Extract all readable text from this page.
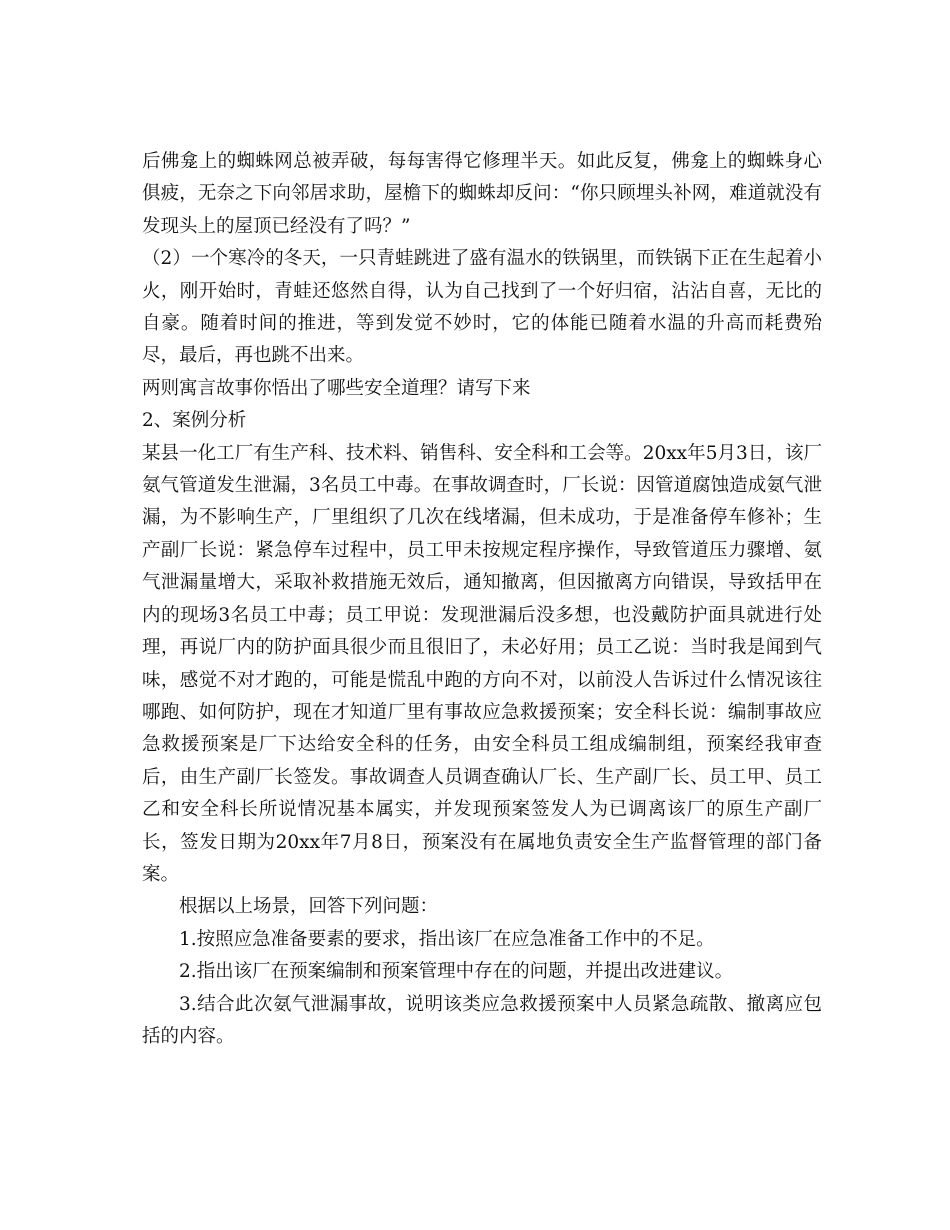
后佛龛上的蜘蛛网总被弄破，每每害得它修理半天。如此反复，佛龛上的蜘蛛身心俱疲，无奈之下向邻居求助，屋檐下的蜘蛛却反问：“你只顾埋头补网，难道就没有发现头上的屋顶已经没有了吗？”

（2）一个寒冷的冬天，一只青蛙跳进了盛有温水的铁锅里，而铁锅下正在生起着小火，刚开始时，青蛙还悠然自得，认为自己找到了一个好归宿，沾沾自喜，无比的自豪。随着时间的推进，等到发觉不妙时，它的体能已随着水温的升高而耗费殆尽，最后，再也跳不出来。

两则寓言故事你悟出了哪些安全道理？请写下来

2、案例分析

某县一化工厂有生产科、技术料、销售科、安全科和工会等。20xx年5月3日，该厂氨气管道发生泄漏，3名员工中毒。在事故调查时，厂长说：因管道腐蚀造成氨气泄漏，为不影响生产，厂里组织了几次在线堵漏，但未成功，于是准备停车修补；生产副厂长说：紧急停车过程中，员工甲未按规定程序操作，导致管道压力骤增、氨气泄漏量增大，采取补救措施无效后，通知撤离，但因撤离方向错误，导致括甲在内的现场3名员工中毒；员工甲说：发现泄漏后没多想，也没戴防护面具就进行处理，再说厂内的防护面具很少而且很旧了，未必好用；员工乙说：当时我是闻到气味，感觉不对才跑的，可能是慌乱中跑的方向不对，以前没人告诉过什么情况该往哪跑、如何防护，现在才知道厂里有事故应急救援预案；安全科长说：编制事故应急救援预案是厂下达给安全科的任务，由安全科员工组成编制组，预案经我审查后，由生产副厂长签发。事故调查人员调查确认厂长、生产副厂长、员工甲、员工乙和安全科长所说情况基本属实，并发现预案签发人为已调离该厂的原生产副厂长，签发日期为20xx年7月8日，预案没有在属地负责安全生产监督管理的部门备案。

根据以上场景，回答下列问题：

1.按照应急准备要素的要求，指出该厂在应急准备工作中的不足。

2.指出该厂在预案编制和预案管理中存在的问题，并提出改进建议。

3.结合此次氨气泄漏事故，说明该类应急救援预案中人员紧急疏散、撤离应包括的内容。
